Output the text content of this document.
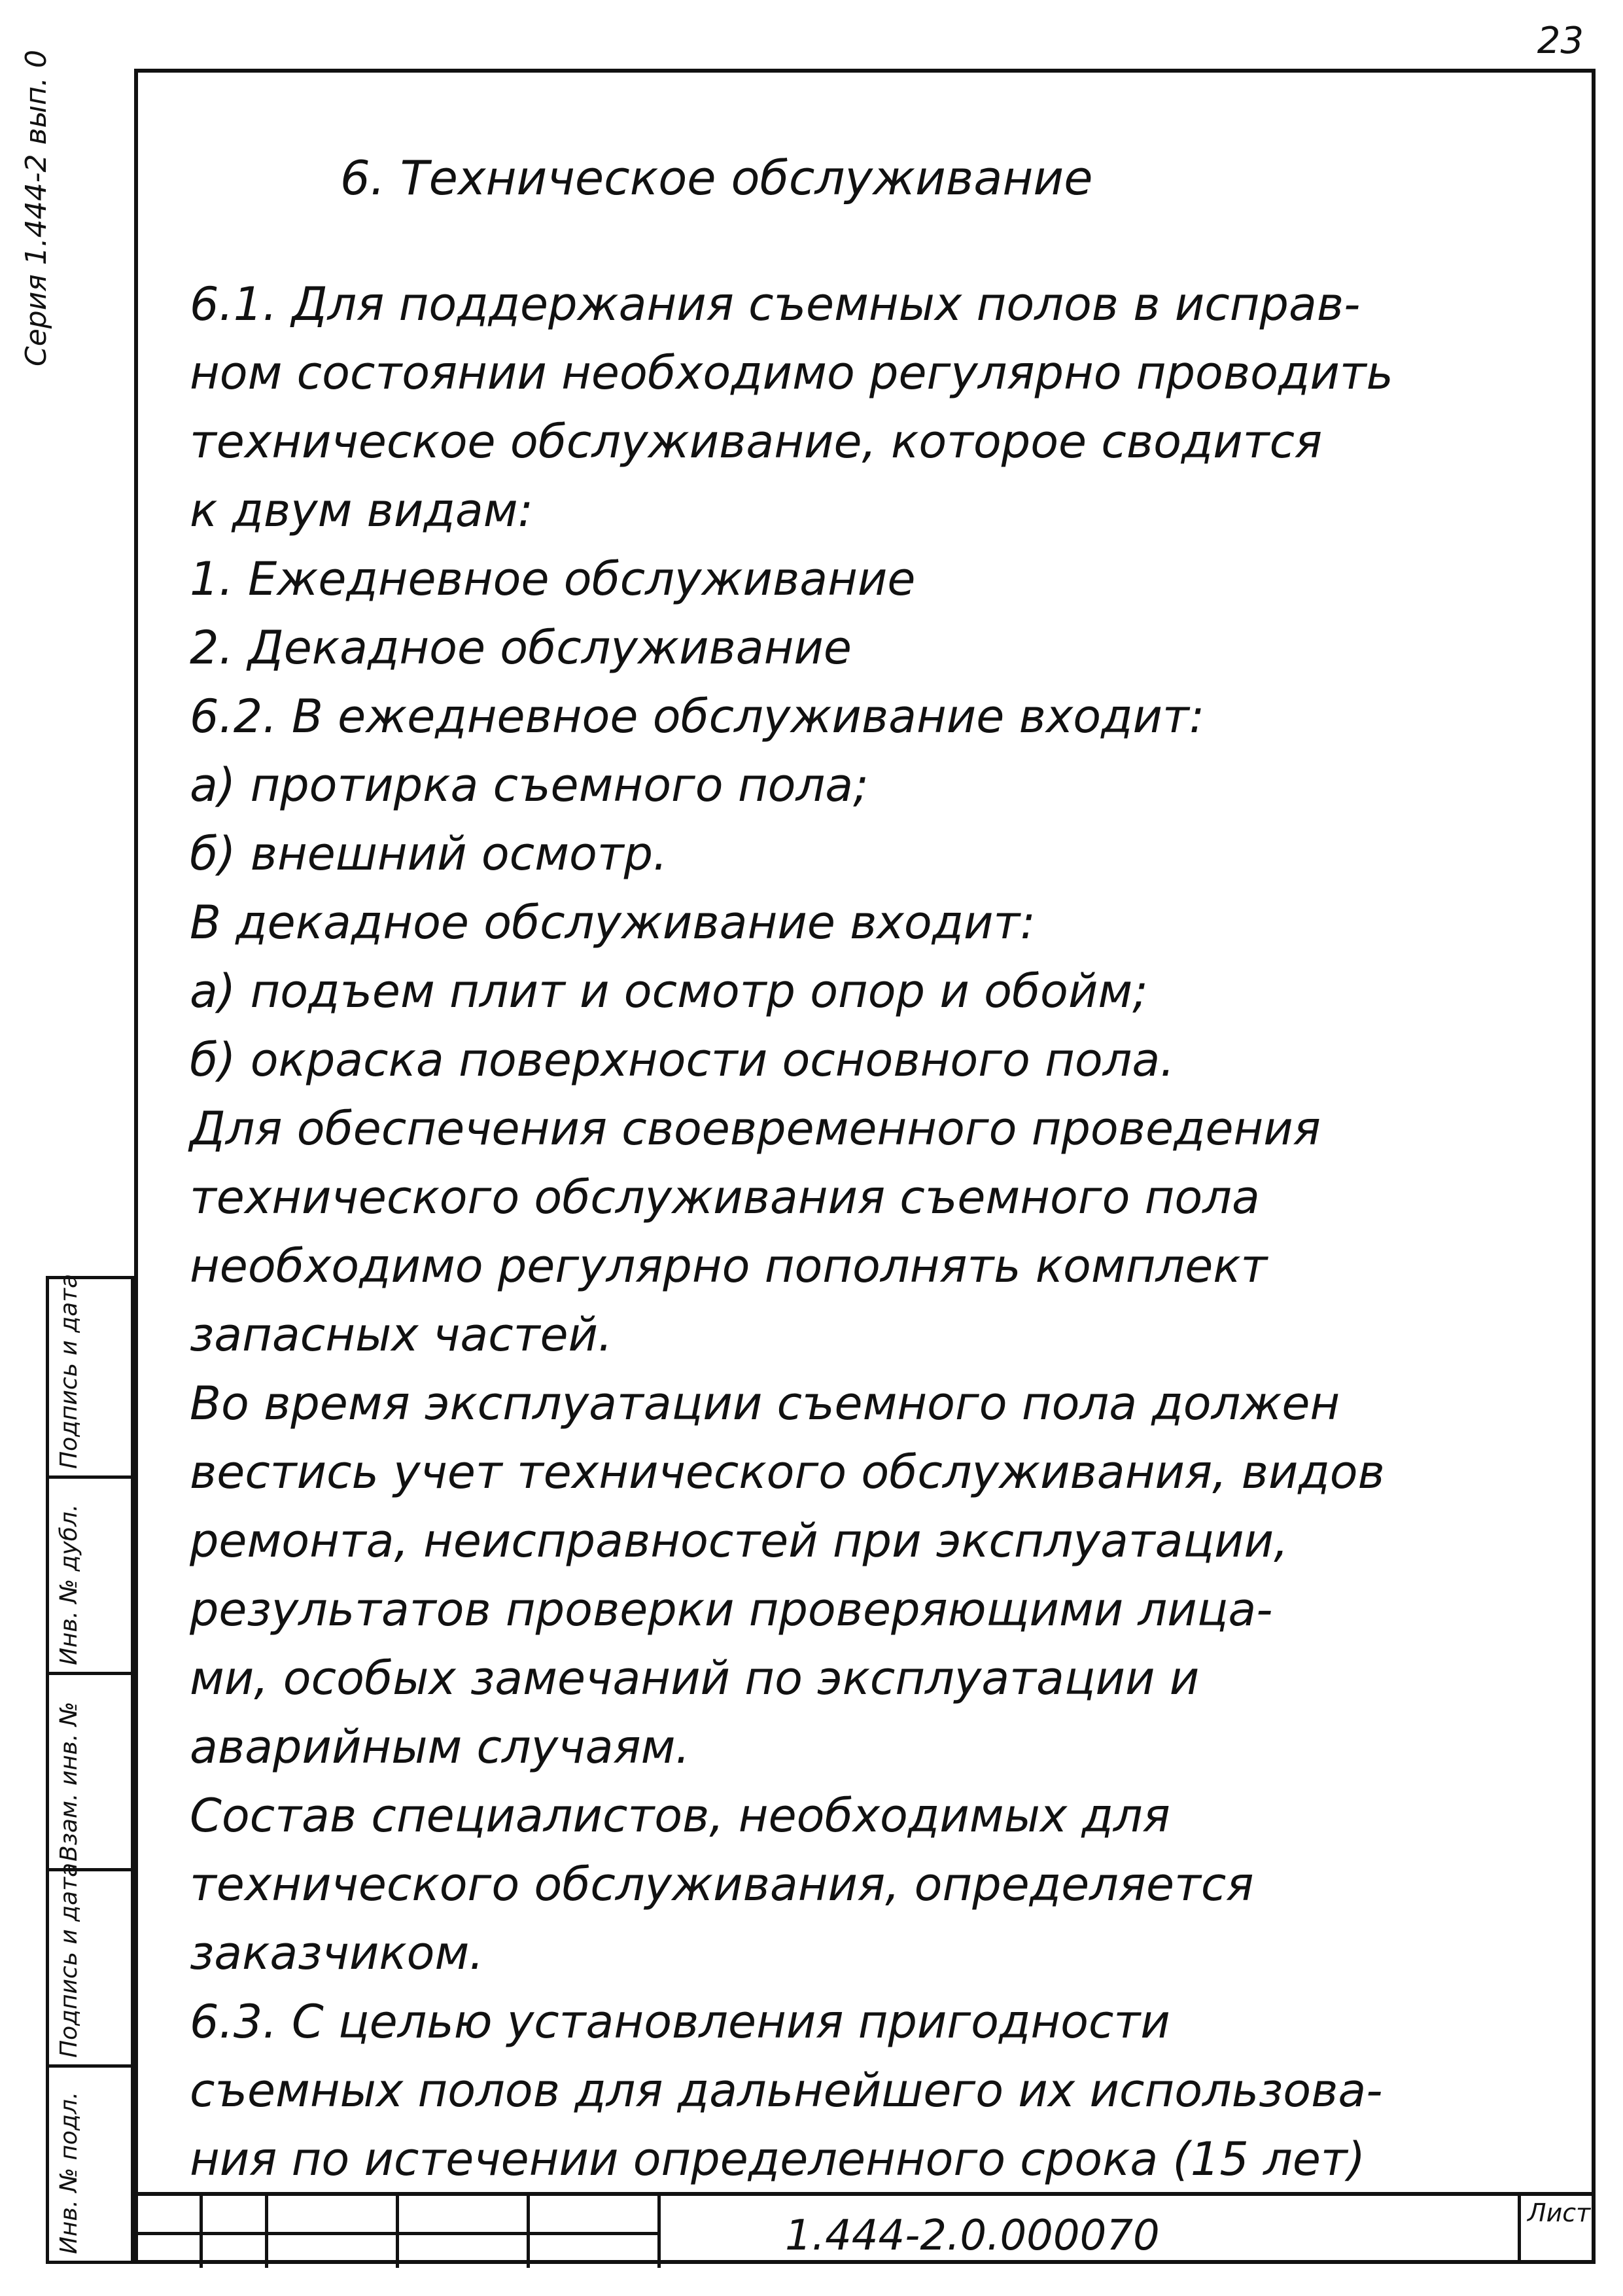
23
Серия 1.444-2 вып. 0	6. Техническое обслуживание
6.1. Для поддержания съемных полов в исправ-
ном состоянии необходимо регулярно проводить
техническое обслуживание, которое сводится
к двум видам:
1. Ежедневное обслуживание
2. Декадное обслуживание
6.2. В ежедневное обслуживание входит:
а) протирка съемного пола;
б) внешний осмотр.
В декадное обслуживание входит:
а) подъем плит и осмотр опор и обойм;
б) окраска поверхности основного пола.
Для обеспечения своевременного проведения
технического обслуживания съемного пола
необходимо регулярно пополнять комплект
запасных частей.
Во время эксплуатации съемного пола должен
вестись учет технического обслуживания, видов
ремонта, неисправностей при эксплуатации,
результатов проверки проверяющими лица-
ми, особых замечаний по эксплуатации и
аварийным случаям.
Состав специалистов, необходимых для
технического обслуживания, определяется
заказчиком.
6.3. С целью установления пригодности
съемных полов для дальнейшего их использова-
ния по истечении определенного срока (15 лет)
Подпись и дата
Инв. № дубл.
Взам. инв. №
Подпись и дата
Инв. № подл.	1.444-2.0.000070	Лист
